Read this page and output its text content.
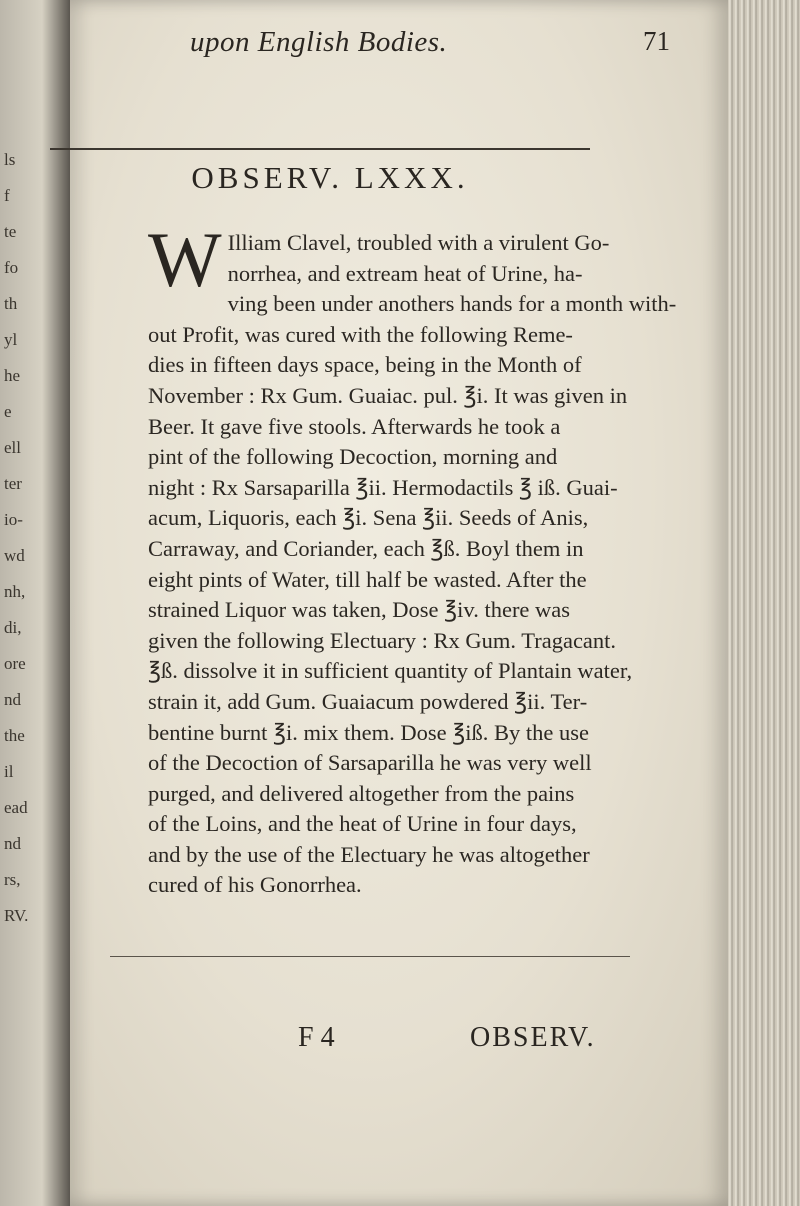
ls
f
te
fo
th
yl
he
e
ell
ter
io-
wd
nh,
di,
ore
nd
the
il
ead
nd
rs,
RV.
upon English Bodies.	71
OBSERV. LXXX.
W Illiam Clavel, troubled with a virulent Go-
norrhea, and extream heat of Urine, ha-
ving been under anothers hands for a month with-
out Profit, was cured with the following Reme-
dies in fifteen days space, being in the Month of
November : Rx Gum. Guaiac. pul. ℥i. It was given in
Beer. It gave five stools. Afterwards he took a
pint of the following Decoction, morning and
night : Rx Sarsaparilla ℥ii. Hermodactils ℥ iß. Guai-
acum, Liquoris, each ℥i. Sena ℥ii. Seeds of Anis,
Carraway, and Coriander, each ℥ß. Boyl them in
eight pints of Water, till half be wasted. After the
strained Liquor was taken, Dose ℥iv. there was
given the following Electuary : Rx Gum. Tragacant.
℥ß. dissolve it in sufficient quantity of Plantain water,
strain it, add Gum. Guaiacum powdered ℥ii. Ter-
bentine burnt ℥i. mix them. Dose ℥iß. By the use
of the Decoction of Sarsaparilla he was very well
purged, and delivered altogether from the pains
of the Loins, and the heat of Urine in four days,
and by the use of the Electuary he was altogether
cured of his Gonorrhea.
F 4	OBSERV.
